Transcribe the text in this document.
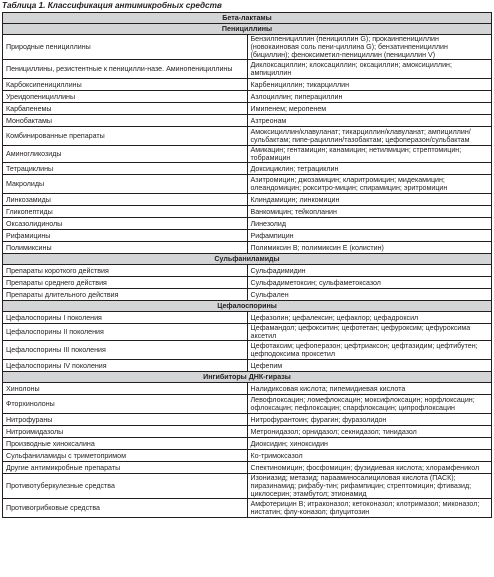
Таблица 1. Классификация антимикробных средств
Бета-лактамы	
Пенициллины	
Природные пенициллины	Бензилпенициллин (пенициллин G); прокаинпенициллин (новокаиновая соль пени-циллина G); бензатинпенициллин (бициллин); феноксиметил-пенициллин (пенициллин V)
Пенициллины, резистентные к пеницилли-назе. Аминопенициллины	Диклоксациллин; клоксациллин; оксациллин; амоксициллин; ампициллин
Карбоксипенициллины	Карбенициллин; тикарциллин
Уреидопенициллины	Азлоциллин; пиперациллин
Карбапенемы	Имипенем; меропенем
Монобактамы	Азтреонам
Комбинированные препараты	Амоксициллин/клавуланат; тикарциллин/клавуланат; ампициллин/сульбактам; пипе-рациллин/тазобактам; цефоперазон/сульбактам
Аминогликозиды	Амикацин; гентамицин; канамицин; нетилмицин; стрептомицин; тобрамицин
Тетрациклины	Доксициклин; тетрациклин
Макролиды	Азитромицин; джозамицин; кларитромицин; мидекамицин; олеандомицин; рокситро-мицин; спирамицин; эритромицин
Линкозамиды	Клиндамицин; линкомицин
Гликопептиды	Ванкомицин; тейкопланин
Оксазолидинолы	Линезолид
Рифамицины	Рифампицин
Полимиксины	Полимиксин В; полимиксин Е (колистин)
Сульфаниламиды	
Препараты короткого действия	Сульфадимидин
Препараты среднего действия	Сульфадиметоксин; сульфаметоксазол
Препараты длительного действия	Сульфален
Цефалоспорины	
Цефалоспорины I поколения	Цефазолин; цефалексин; цефаклор; цефадроксил
Цефалоспорины II поколения	Цефамандол; цефокситин; цефотетан; цефуроксим; цефуроксима аксетил
Цефалоспорины III поколения	Цефотаксим; цефоперазон; цефтриаксон; цефтазидим; цефтибутен; цефподоксима проксетил
Цефалоспорины IV поколения	Цефепим
Ингибиторы ДНК-гиразы	
Хинолоны	Налидиксовая кислота; пипемидиевая кислота
Фторхинолоны	Левофлоксацин; ломефлоксацин; моксифлоксацин; норфлоксацин; офлоксацин; пефлоксацин; спарфлоксацин; ципрофлоксацин
Нитрофураны	Нитрофурантоин; фурагин; фуразолидон
Нитроимидазолы	Метронидазол; орнидазол; секнидазол; тинидазол
Производные хиноксалина	Диоксидин; хиноксидин
Сульфаниламиды с триметопримом	Ко-тримоксазол
Другие антимикробные препараты	Спектиномицин; фосфомицин; фузидиевая кислота; хлорамфеникол
Противотуберкулезные средства	Изониазид; метазид; парааминосалициловая кислота (ПАСК); пиразинамид; рифабу-тин; рифампицин; стрептомицин; фтивазид; циклосерин; этамбутол; этионамид
Противогрибковые средства	Амфотерицин В; итраконазол; кетоконазол; клотримазол; миконазол; нистатин; флу-коназол; флуцитозин
